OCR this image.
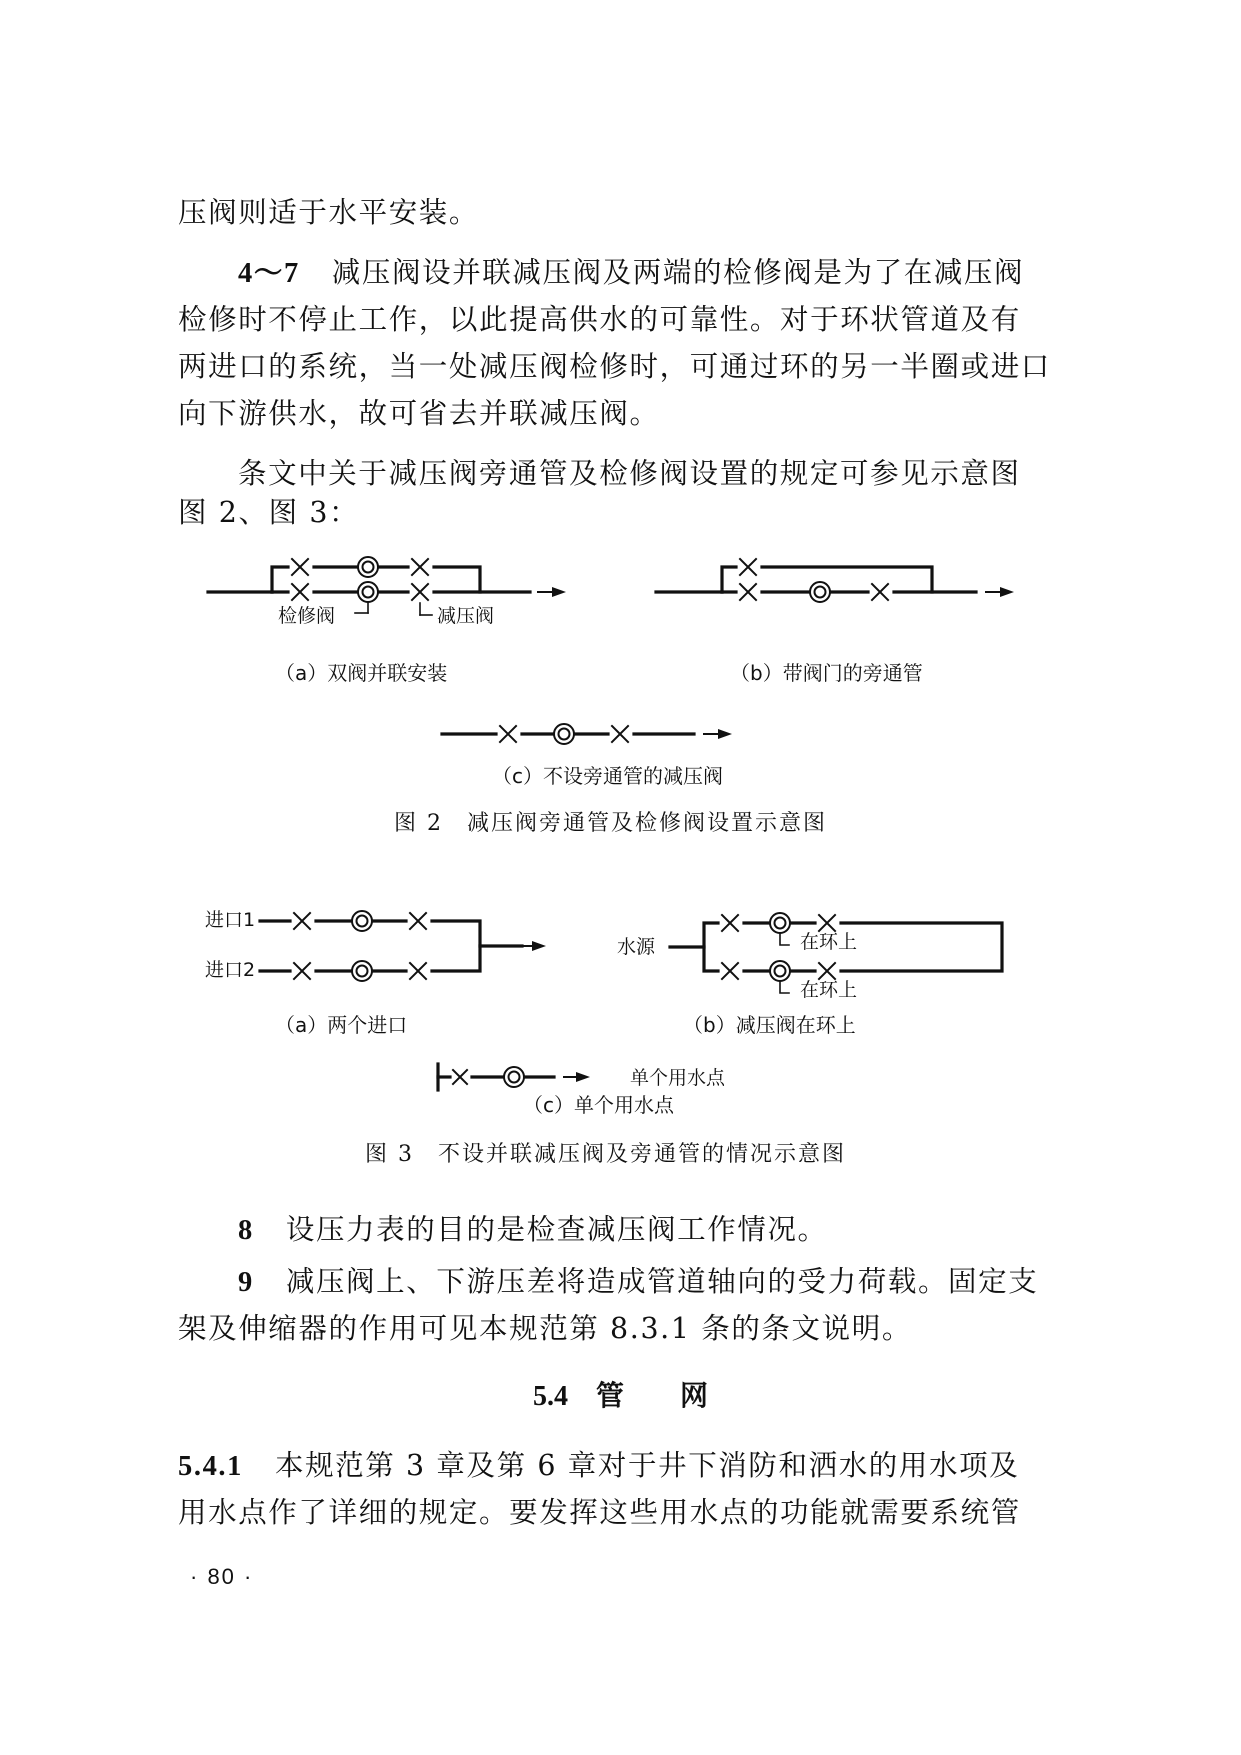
压阀则适于水平安装。
4～7 减压阀设并联减压阀及两端的检修阀是为了在减压阀
检修时不停止工作，以此提高供水的可靠性。对于环状管道及有
两进口的系统，当一处减压阀检修时，可通过环的另一半圈或进口
向下游供水，故可省去并联减压阀。
条文中关于减压阀旁通管及检修阀设置的规定可参见示意图
图 2、图 3：
检修阀	减压阀
（a）双阀并联安装	（b）带阀门的旁通管
（c）不设旁通管的减压阀
图 2　减压阀旁通管及检修阀设置示意图
进口1
进口2
（a）两个进口
水源	在环上
在环上
（b）减压阀在环上
单个用水点
（c）单个用水点
图 3　不设并联减压阀及旁通管的情况示意图
8 设压力表的目的是检查减压阀工作情况。
9 减压阀上、下游压差将造成管道轴向的受力荷载。固定支
架及伸缩器的作用可见本规范第 8.3.1 条的条文说明。
5.4　管　　网
5.4.1 本规范第 3 章及第 6 章对于井下消防和洒水的用水项及
用水点作了详细的规定。要发挥这些用水点的功能就需要系统管
· 80 ·
